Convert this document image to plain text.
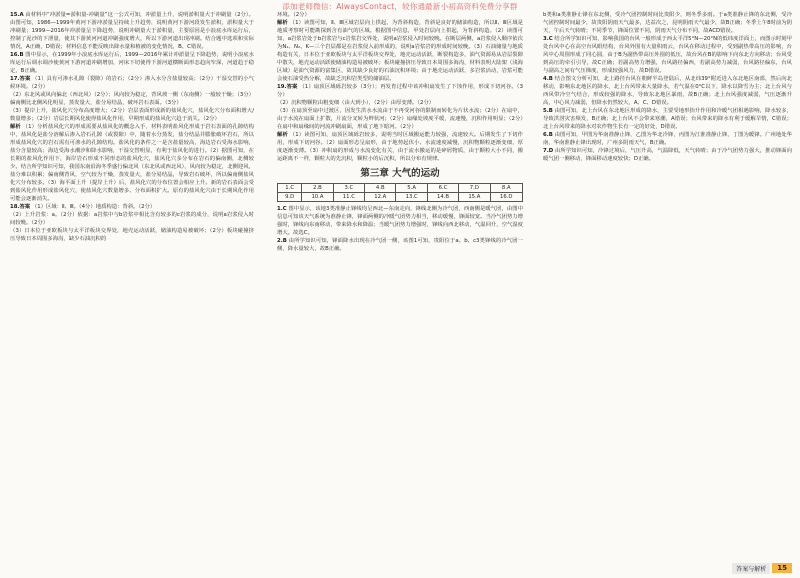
添加老师微信：AlwaysContact，较你通最新小初高资料免费分享群

15.A 由材料中“冲淤量=淤积量-冲刷量”这一公式可知，冲淤量上升，说明淤积量大于冲刷量（2分）。由图可知，1986—1999年黄河下游冲淤量呈持续上升趋势，说明黄河下游河段发生淤积，淤积量大于冲刷量；1999—2016年冲淤量呈下降趋势，说明冲刷量大于淤积量，主要原因是小浪底水库运行后，控制了泥沙的下泄量，使其下游黄河河道冲刷强度增大，所以下游河道出现冲刷。结合题中选项和实际情况，A正确，D错误；材料信息不能反映出降水量和植被的变化情况，B、C错误。

16.B 图中显示，在1999年小浪底水库运行后，1999—2016年累计冲淤量呈下降趋势，说明小浪底水库运行后调水调沙使黄河下游河道冲刷增加，河床下切使得下游河道横断面形态趋向窄深，河道趋于稳定，B正确。

17.答案 （1）具有可渗水孔隙（裂隙）的岩石；（2分）渗入水分含盐量较高；（2分）干湿交替的小气候环境。（2分）

（2）东北风或风向偏北（西北风）（2分）；风向较为稳定，背风坡一侧（东南侧）一般较干燥；（3分）偏南侧比北侧风化明显，蒸发量大，盐分易结晶，破坏岩石表面。（3分）

（3）提岸上升，盐风化穴分布高度增大；（2分）岩层表面形成新的盐风化穴，盐风化穴分布面积增大/数量增多；（2分）岩层长期风化使得盐风化作用，早期形成的盐风化穴趋于消失。（2分）

解析 （1）分析盐风化穴的形成需要从盐风化的概念入手，材料表明盐风化形成于岩石表面的孔隙结构中，盐风化是盐分溶解后渗入岩石孔隙（或裂隙）中，随着水分蒸发，盐分结晶并膨胀破坏岩石，所以形成盐风化穴的岩石需有可渗水的孔隙结构。盐风化的条件之一是含盐量较高，海边岩石受海水影响，盐分含量较高；海边受海水潮汐和降水影响，干湿交替明显，有利于盐风化的进行。（2）据图可知，在长期的盐风化作用下，海岸岩石形成不同形态的盐风化穴，盐风化穴多分布在岩石的偏南侧，北侧较少。结合所学知识可知，我国东南沿海冬季盛行偏北风（东北风或西北风），风向较为稳定，北侧迎风，盐分难以积累；偏南侧背风，空气较为干燥，蒸发量大，盐分易结晶，导致岩石破坏，所以偏南侧盐风化穴分布较多。（3）海平面上升（提岸上升）后，盐风化穴的分布位置会相应上升。新的岩石表面会受到盐风化作用形成盐风化穴，使盐风化穴数量增多、分布面积扩大。原有的盐风化穴由于长期风化作用可能会逐渐消失。

18.答案 （1）区域：Ⅱ、Ⅲ。（4分）地质构造：背斜。（2分）

（2）上升岩浆：a。（2分）依据：a岩浆中与b岩浆中相比含有较多的c岩浆的成分，说明a岩浆侵入时间较晚。（2分）

（3）日本位于亚欧板块与太平洋板块交界处，地壳运动活跃，储油构造易被破坏；（2分）板块碰撞挤压导致日本周围多海沟，缺少石油沉积的

环境。（2分）

解析 （1）读图可知，Ⅱ、Ⅲ区域岩层向上拱起，为背斜构造，背斜是良好的储油构造，所以Ⅱ、Ⅲ区域是地质考察时可能勘探到含有油气的区域。根据图中信息，甲处岩层向上拱起，为背斜构造。（2）读图可知，a岩浆岩处于b岩浆岩与c岩浆岩交界处，说明a岩浆侵入时间较晚。在断层两侧，a岩浆侵入顺序依次为N₁、N₂、K—三个岩层都是在岩浆侵入前形成的，说明a岩浆岩的形成时间较晚。（3）石油储量与地质构造有关，日本位于亚欧板块与太平洋板块交界处，地壳运动活跃，断裂构造多，油气资源易从岩层裂隙中散失，地壳运动活跃使储油构造易被破坏；板块碰撞挤压导致日本周围多海沟，材料表明大陆架（浅海区域）是油气资源的富集区，故其缺少良好的石油沉积环境；由于地壳运动活跃，多岩浆活动，岩浆可能会使石油受热分解，故缺乏沉积岩类型的储油层。

19.答案 （1）扇顶区域砾岩较多（3分）；再发育过程中该冲积扇发生了下蚀作用，形成下切河谷。（3分）

（2）沉积物颗粒由粗变细（由大到小），（2分）由厚变薄。（2分）

（3）在扇顶至扇中过渡区，因发生洪水水流由于不再受河谷的限制而转化为片状水流；（2分）在扇中，由于水流在扇面上扩散，片流分叉转为辫状河；（2分）扇缘处坡度平缓，流速慢，沉积作用明显；（2分）在扇中和扇缘间的河流冲刷扇面，形成了地下暗河。（2分）

解析 （1）读图可知，扇顶区域砾岩较多，说明当时区域搬运能力较强，流速较大。后期发生了下切作用，形成下切河谷。（2）扇面形态呈扇形，由于地势起伏小、水流速度减慢，沉积物颗粒逐渐变细，厚度逐渐变薄。（3）冲积扇的形成与水流变化有关，由于流水搬运的是碎屑物质，由于颗粒大小不同，搬运距离不一样，颗粒大的先沉积，颗粒小的后沉积，所以分布有规律。

第三章 大气的运动
1.C	2.B	3.C	4.B	5.A	6.C	7.D	8.A
9.D	10.A	11.C	12.A	13.C	14.B	15.A	16.D

1.C 图中显示，该地3类准静止锋线均呈西北—东南走向，锋线北侧为冷气团，西南侧是暖气团，由图中信息可知该天气系统为准静止锋，锋面两侧的冷暖气团势力相当，移动缓慢，锋面较宽。当冷气团势力增强时，锋线向东南移动，带来降水和降温；当暖气团势力增强时，锋线向西北移动，气温回升，空气湿度增大。故选C。

2.B 由所学知识可知，锋面降水出现在冷气团一侧，该图1可知，贵阳位于a、b、c3类锋线的冷气团一侧，降水量较大，故B正确。

b类和a类准静止锋在东北侧，受冷气团控制时间比贵阳少，则冬季多雨。于a类准静止锋的东北侧，受冷气团控制时间最少，故贵阳阴雨天气最多，达益次之，昆明阴雨天气最少，故B正确；冬季上午8时前为阴天，午后天气转晴；不同季节，锋面位置不同，阴雨天气分布不同，故ACD错误。

3.C 结合所学知识可知，影响我国的台风一般形成于西太平洋5°N—20°N的低纬度洋面上，而图示时刻甲处台风中心在高空台风眼结构，台风外围有大量积雨云，台风在移动过程中，受到副热带高压的影响，台风中心周围形成了同心圆，由于B为副热带高压外围的低压，故台风在B的影响下向东北方向移动；台风受到高压的牵引引导，故C正确；若副高势力增强，台风路径偏西，若副高势力减弱，台风路径偏东，台风与副高之间有气压梯度，形成较强风力，故D错误。

4.B 结合图文分析可知，北上路径台风在朝鲜半岛登陆后，从北纬39°附近进入东北地区南部，然后向北移动，影响东北地区的降水，北上台风带来大量降水，若气温在0°C以下，降水以降雪为主；北上台风与西风带冷空气结合，形成较强的降水，导致东北地区暴雨，故B正确；北上台风强度减弱，气压逐渐升高，中心风力减弱，但降水仍然较大，A、C、D错误。

5.B 由图可知，北上台风在东北地区形成的降水，主要受地形抬升作用和冷暖气团相遇影响，降水较多，导致洪涝灾害频发，B正确；北上台风不会带来寒潮，A错误；台风带来的降水有利于缓解旱情，C错误；北上台风带来的降水对农作物生长有一定的好处，D错误。

6.B 由图可知，甲图为华南准静止锋，乙图为华北冷锋，丙图为江淮准静止锋，丁图为暖锋。广州地处华南，华南准静止锋出现时，广州多阴雨天气，B正确。

7.D 由所学知识可知，冷锋过境后，气压升高，气温降低，天气转晴；由于冷气团势力强大，推动锋面向暖气团一侧移动，锋面移动速度较快；D正确。

答案与解析	15
